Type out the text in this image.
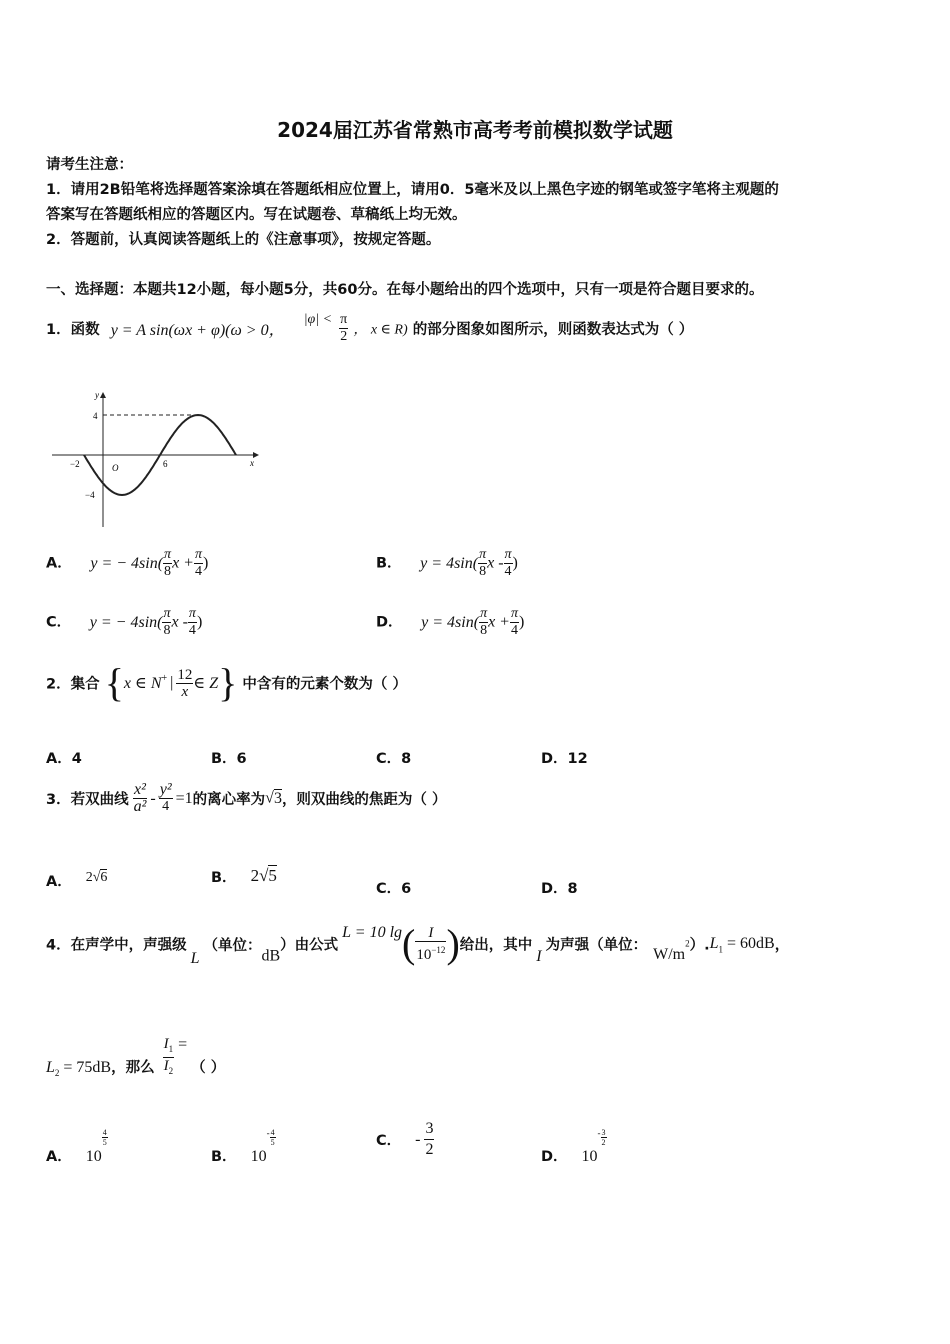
2024届江苏省常熟市高考考前模拟数学试题
请考生注意：
1．请用2B铅笔将选择题答案涂填在答题纸相应位置上，请用0．5毫米及以上黑色字迹的钢笔或签字笔将主观题的
答案写在答题纸相应的答题区内。写在试题卷、草稿纸上均无效。
2．答题前，认真阅读答题纸上的《注意事项》，按规定答题。
一、选择题：本题共12小题，每小题5分，共60分。在每小题给出的四个选项中，只有一项是符合题目要求的。
1．函数 y = A sin(ωx + φ)(ω > 0， $|\varphi| < \frac{\pi}{2}$ ， x ∈ R) 的部分图象如图所示，则函数表达式为（ ）
y
x
O
4
−4
−2	6
A． y = − $4\sin( \frac{\pi}{8}$ $x + \frac{\pi}{4}$ )	B． $y = 4\sin( \frac{\pi}{8}$ x - $\frac{\pi}{4}$ )
C． y = − $4\sin( \frac{\pi}{8}$ x - $\frac{\pi}{4}$ )	D． $y = 4\sin( \frac{\pi}{8}$ $x + \frac{\pi}{4}$ )
2．集合 {x ∈ N+ | $\frac{12}{x}$ ∈ Z} 中含有的元素个数为（ ）
A．4	B．6	C．8	D．12
3．若双曲线 $\frac{\text{x²}}{\text{a²}} - \frac{\text{y²}}{4} =1$的离心率为√3，则双曲线的焦距为（ ）
A． 2√6	B． 2√5
C．6	D．8
4．在声学中，声强级L（单位：dB）由公式L = 10 $\lg( \frac{I}{10^{-12}}$ )给出，其中I为声强（单位： $W/m^2).L_1 = 60dB$，
$L_2 = 75dB$，那么 $\frac{I_1}{I_2}$ =（ ）
A． 10
$\frac{4}{5}$
B． $10^- \frac{4}{5}$	C． - $\frac{3}{2}$	D． $10^- \frac{3}{2}$
